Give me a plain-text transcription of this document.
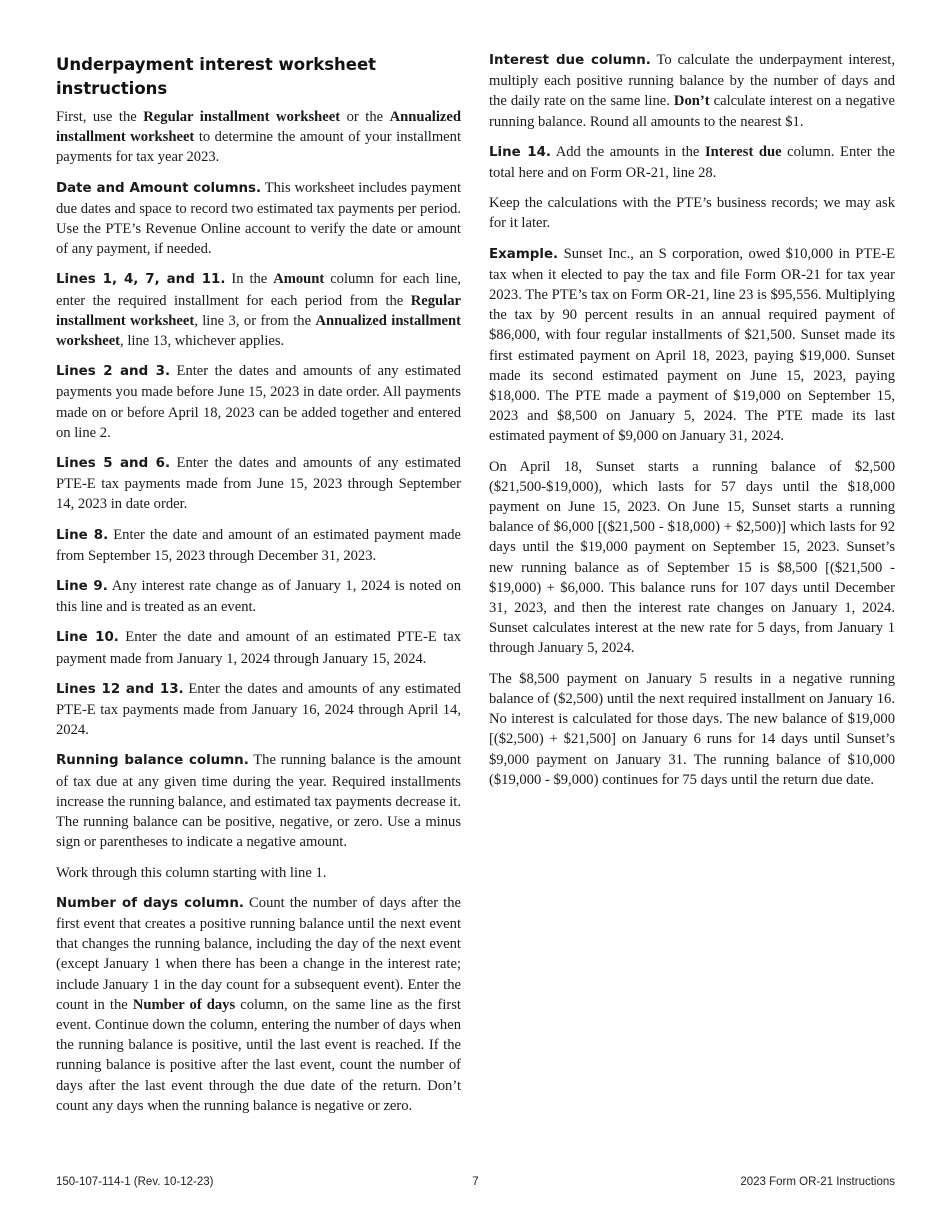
Underpayment interest worksheet instructions

First, use the Regular installment worksheet or the Annualized installment worksheet to determine the amount of your installment payments for tax year 2023.

Date and Amount columns. This worksheet includes payment due dates and space to record two estimated tax payments per period. Use the PTE’s Revenue Online account to verify the date or amount of any payment, if needed.

Lines 1, 4, 7, and 11. In the Amount column for each line, enter the required installment for each period from the Regular installment worksheet, line 3, or from the Annualized installment worksheet, line 13, whichever applies.

Lines 2 and 3. Enter the dates and amounts of any estimated payments you made before June 15, 2023 in date order. All payments made on or before April 18, 2023 can be added together and entered on line 2.

Lines 5 and 6. Enter the dates and amounts of any estimated PTE-E tax payments made from June 15, 2023 through September 14, 2023 in date order.

Line 8. Enter the date and amount of an estimated payment made from September 15, 2023 through December 31, 2023.

Line 9. Any interest rate change as of January 1, 2024 is noted on this line and is treated as an event.

Line 10. Enter the date and amount of an estimated PTE-E tax payment made from January 1, 2024 through January 15, 2024.

Lines 12 and 13. Enter the dates and amounts of any estimated PTE-E tax payments made from January 16, 2024 through April 14, 2024.

Running balance column. The running balance is the amount of tax due at any given time during the year. Required installments increase the running balance, and estimated tax payments decrease it. The running balance can be positive, negative, or zero. Use a minus sign or parentheses to indicate a negative amount.

Work through this column starting with line 1.

Number of days column. Count the number of days after the first event that creates a positive running balance until the next event that changes the running balance, including the day of the next event (except January 1 when there has been a change in the interest rate; include January 1 in the day count for a subsequent event). Enter the count in the Number of days column, on the same line as the first event. Continue down the column, entering the number of days when the running balance is positive, until the last event is reached. If the running balance is positive after the last event, count the number of days after the last event through the due date of the return. Don’t count any days when the running balance is negative or zero.

Interest due column. To calculate the underpayment interest, multiply each positive running balance by the number of days and the daily rate on the same line. Don’t calculate interest on a negative running balance. Round all amounts to the nearest $1.

Line 14. Add the amounts in the Interest due column. Enter the total here and on Form OR-21, line 28.

Keep the calculations with the PTE’s business records; we may ask for it later.

Example. Sunset Inc., an S corporation, owed $10,000 in PTE-E tax when it elected to pay the tax and file Form OR-21 for tax year 2023. The PTE’s tax on Form OR-21, line 23 is $95,556. Multiplying the tax by 90 percent results in an annual required payment of $86,000, with four regular installments of $21,500. Sunset made its first estimated payment on April 18, 2023, paying $19,000. Sunset made its second estimated payment on June 15, 2023, paying $18,000. The PTE made a payment of $19,000 on September 15, 2023 and $8,500 on January 5, 2024. The PTE made its last estimated payment of $9,000 on January 31, 2024.

On April 18, Sunset starts a running balance of $2,500 ($21,500-$19,000), which lasts for 57 days until the $18,000 payment on June 15, 2023. On June 15, Sunset starts a running balance of $6,000 [($21,500 - $18,000) + $2,500)] which lasts for 92 days until the $19,000 payment on September 15, 2023. Sunset’s new running balance as of September 15 is $8,500 [($21,500 - $19,000) + $6,000. This balance runs for 107 days until December 31, 2023, and then the interest rate changes on January 1, 2024. Sunset calculates interest at the new rate for 5 days, from January 1 through January 5, 2024.

The $8,500 payment on January 5 results in a negative running balance of ($2,500) until the next required installment on January 16. No interest is calculated for those days. The new balance of $19,000 [($2,500) + $21,500] on January 6 runs for 14 days until Sunset’s $9,000 payment on January 31. The running balance of $10,000 ($19,000 - $9,000) continues for 75 days until the return due date.

150-107-114-1 (Rev. 10-12-23)	7	2023 Form OR-21 Instructions
